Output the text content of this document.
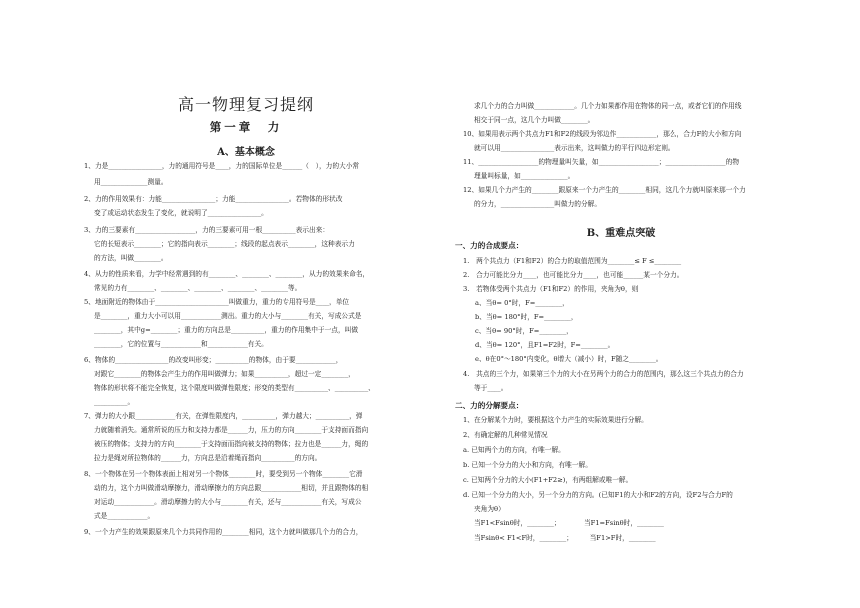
高一物理复习提纲
第一章　力
A、基本概念
1、力是________________，力的通用符号是____，力的国际单位是______（　），力的大小常
用______________测量。
2、力的作用效果有：力能________________；力能________________。若物体的形状改
变了或运动状态发生了变化，就说明了________________。
3、力的三要素有__________________，力的三要素可用一根__________表示出来：
它的长短表示________；它的指向表示________；线段的起点表示________，这种表示力
的方法，叫做________。
4、从力的性质来看，力学中经常遇到的有________、________、________，从力的效果来命名，
常见的力有________、________、________、________、________等。
5、地面附近的物体由于______________________叫做重力，重力的专用符号是____，单位
是________，重力大小可以用____________测出。重力的大小与________有关，写成公式是
________，其中g=________；重力的方向总是__________，重力的作用集中于一点，叫做
________，它的位置与____________和____________有关。
6、物体的________________的改变叫形变；__________的物体，由于要____________，
对跟它________的物体会产生力的作用叫做弹力；如果__________，超过一定________，
物体的形状将不能完全恢复，这个限度叫做弹性限度；形变的类型有__________、__________、
__________。
7、弹力的大小跟____________有关，在弹性限度内，__________，弹力越大；__________，弹
力就随着消失。通常所说的压力和支持力都是______力，压力的方向________于支持面而指向
被压的物体；支持力的方向________于支持面而指向被支持的物体；拉力也是______力，绳的
拉力是绳对所拉物体的______力，方向总是沿着绳而指向__________的方向。
8、一个物体在另一个物体表面上相对另一个物体________时，要受到另一个物体________它滑
动的力，这个力叫做滑动摩擦力，滑动摩擦力的方向总跟____________相切，并且跟物体的相
对运动____________。滑动摩擦力的大小与________有关，还与____________有关，写成公
式是____________。
9、一个力产生的效果跟原来几个力共同作用的________相同，这个力就叫做那几个力的合力，
B、重难点突破
一、力的合成要点：
二、力的分解要点：
求几个力的合力叫做____________。几个力如果都作用在物体的同一点，或者它们的作用线
相交于同一点，这几个力叫做________。
10、如果用表示两个共点力F1和F2的线段为邻边作____________，那么，合力F的大小和方向
就可以用________________表示出来，这叫做力的平行四边形定则。
11、__________________的物理量叫矢量，如__________________；__________________的物
理量叫标量，如______________。
12、如果几个力产生的________跟原来一个力产生的________相同，这几个力就叫原来那一个力
的分力，________________叫做力的分解。
1.　两个共点力（F1和F2）的合力的取值范围为________≤ F ≤________
2.　合力可能比分力____，也可能比分力____，也可能______某一个分力。
3.　若物体受两个共点力（F1和F2）的作用，夹角为θ，则
a、当θ= 0°时，F=________，
b、当θ= 180°时，F=________，
c、当θ= 90°时，F=________，
d、当θ= 120°，且F1=F2时，F=________。
e、θ在0°～180°内变化，θ增大（减小）时，F随之________。
4.　共点的三个力，如果第三个力的大小在另两个力的合力的范围内，那么这三个共点力的合力
等于____。
1、在分解某个力时，要根据这个力产生的实际效果进行分解。
2、有确定解的几种常见情况
a. 已知两个力的方向，有唯一解。
b. 已知一个分力的大小和方向，有唯一解。
c. 已知两个分力的大小(F1+F2≥)，有两组解或唯一解。
d. 已知一个分力的大小，另一个分力的方向。(已知F1的大小和F2的方向，设F2与合力F的
夹角为θ）
当F1<Fsinθ时，________；　　　　当F1=Fsinθ时，________
当Fsinθ< F1<F时，________；　　　当F1>F时，________
